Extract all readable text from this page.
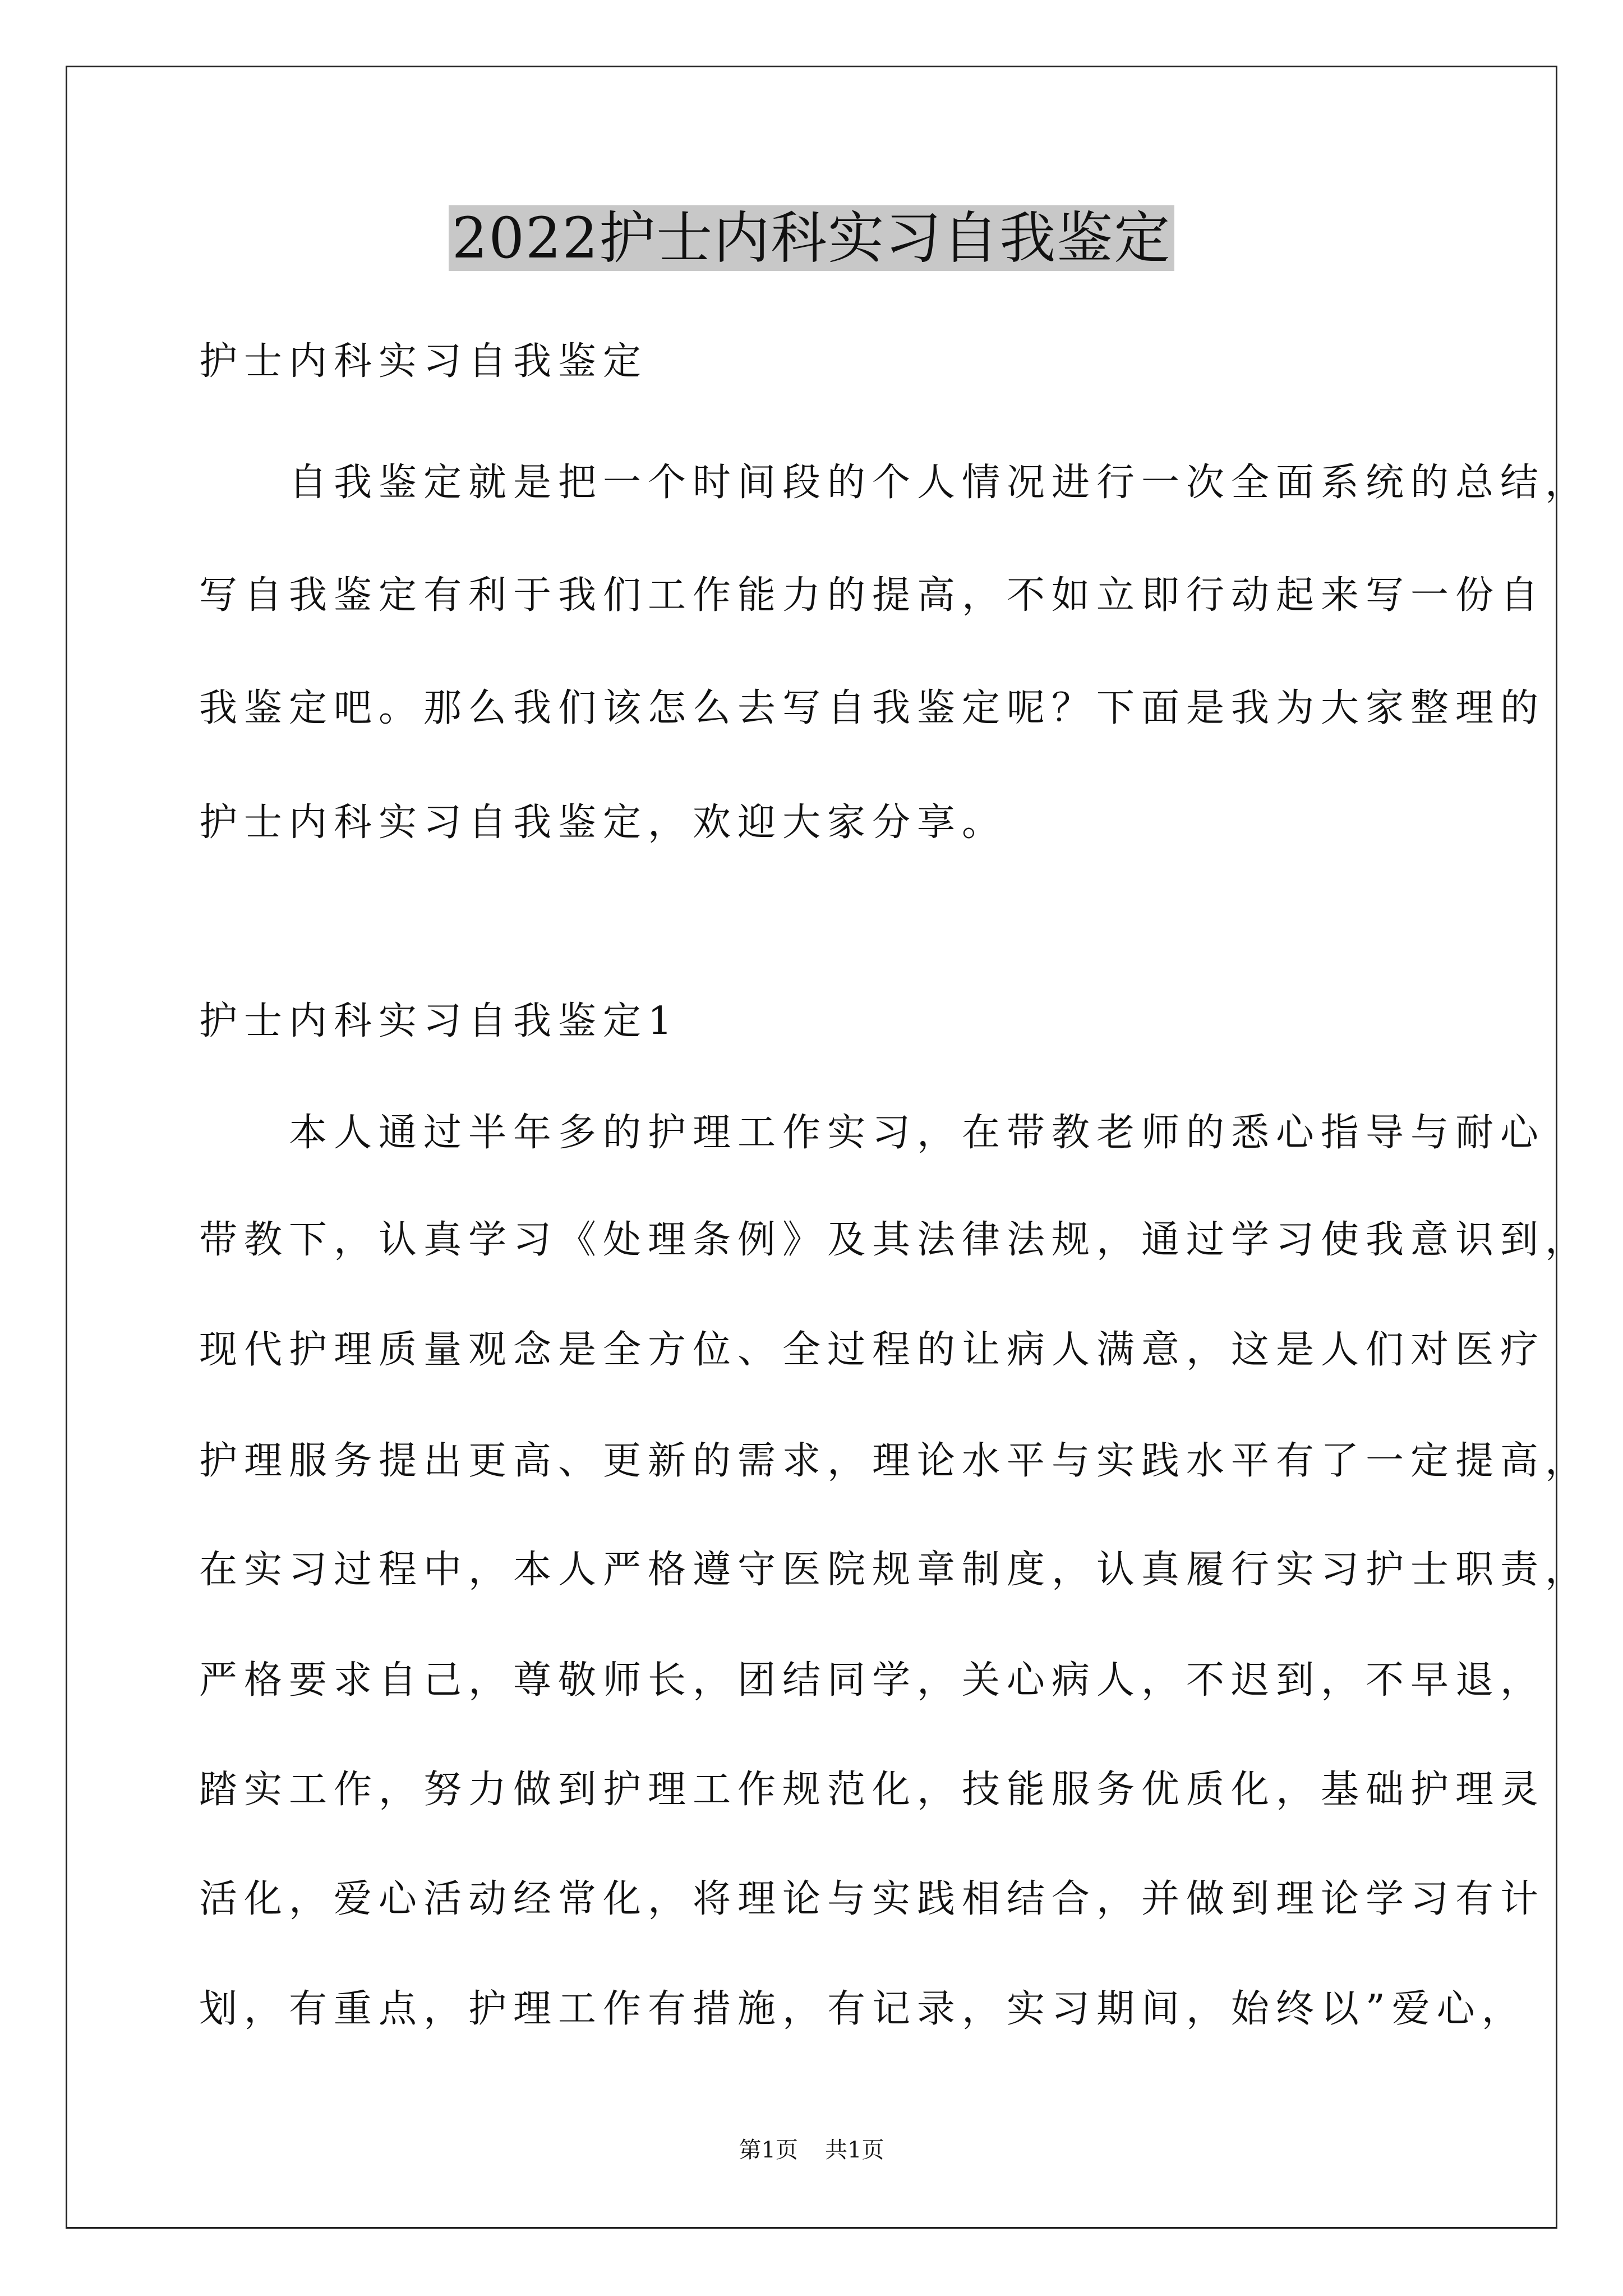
2022护士内科实习自我鉴定
护士内科实习自我鉴定
　　自我鉴定就是把一个时间段的个人情况进行一次全面系统的总结，
写自我鉴定有利于我们工作能力的提高，不如立即行动起来写一份自
我鉴定吧。那么我们该怎么去写自我鉴定呢？下面是我为大家整理的
护士内科实习自我鉴定，欢迎大家分享。
护士内科实习自我鉴定1
　　本人通过半年多的护理工作实习，在带教老师的悉心指导与耐心
带教下，认真学习《处理条例》及其法律法规，通过学习使我意识到，
现代护理质量观念是全方位、全过程的让病人满意，这是人们对医疗
护理服务提出更高、更新的需求，理论水平与实践水平有了一定提高，
在实习过程中，本人严格遵守医院规章制度，认真履行实习护士职责，
严格要求自己，尊敬师长，团结同学，关心病人，不迟到，不早退，
踏实工作，努力做到护理工作规范化，技能服务优质化，基础护理灵
活化，爱心活动经常化，将理论与实践相结合，并做到理论学习有计
划，有重点，护理工作有措施，有记录，实习期间，始终以”爱心，
第1页 共1页
